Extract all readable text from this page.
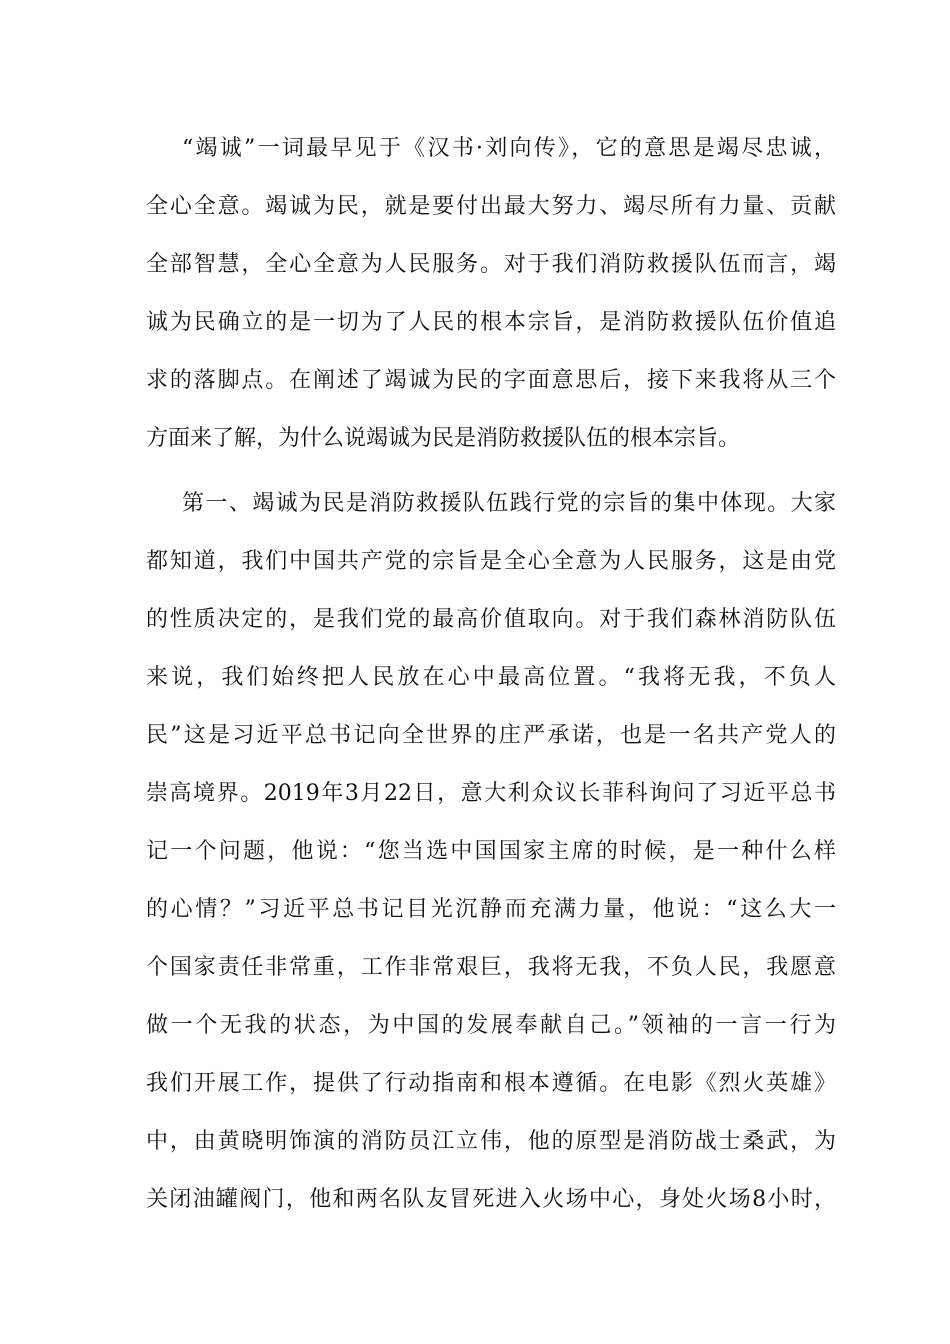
“竭诚”一词最早见于《汉书·刘向传》，它的意思是竭尽忠诚，
全心全意。竭诚为民，就是要付出最大努力、竭尽所有力量、贡献
全部智慧，全心全意为人民服务。对于我们消防救援队伍而言，竭
诚为民确立的是一切为了人民的根本宗旨，是消防救援队伍价值追
求的落脚点。在阐述了竭诚为民的字面意思后，接下来我将从三个
方面来了解，为什么说竭诚为民是消防救援队伍的根本宗旨。
第一、竭诚为民是消防救援队伍践行党的宗旨的集中体现。大家
都知道，我们中国共产党的宗旨是全心全意为人民服务，这是由党
的性质决定的，是我们党的最高价值取向。对于我们森林消防队伍
来说，我们始终把人民放在心中最高位置。“我将无我，不负人
民”这是习近平总书记向全世界的庄严承诺，也是一名共产党人的
崇高境界。2019年3月22日，意大利众议长菲科询问了习近平总书
记一个问题，他说：“您当选中国国家主席的时候，是一种什么样
的心情？”习近平总书记目光沉静而充满力量，他说：“这么大一
个国家责任非常重，工作非常艰巨，我将无我，不负人民，我愿意
做一个无我的状态，为中国的发展奉献自己。”领袖的一言一行为
我们开展工作，提供了行动指南和根本遵循。在电影《烈火英雄》
中，由黄晓明饰演的消防员江立伟，他的原型是消防战士桑武，为
关闭油罐阀门，他和两名队友冒死进入火场中心，身处火场8小时，
